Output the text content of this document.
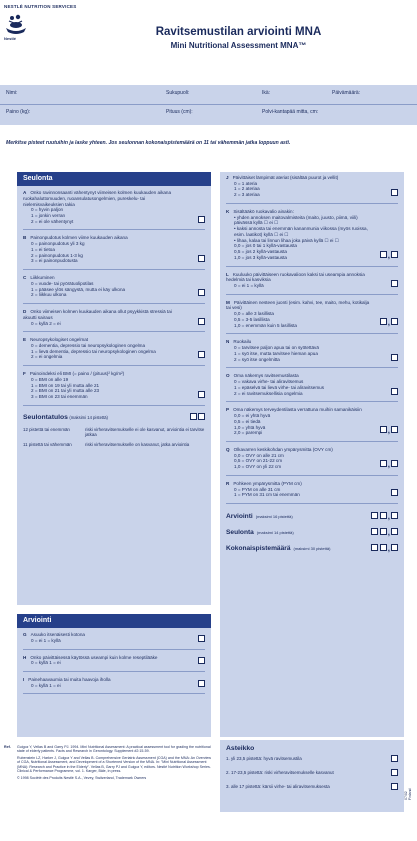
NESTLÉ NUTRITION SERVICES
Nestlé
Ravitsemustilan arviointi MNA
Mini Nutritional Assessment MNA™
Nimi:	Sukupuoli:	Ikä:	Päivämäärä:
Paino (kg):	Pituus (cm):	Polvi-kantapää mitta, cm:
Merkitse pisteet ruutuihin ja laske yhteen. Jos seulonnan kokonaispistemäärä on 11 tai vähemmän jatka loppuun asti.
Seulonta
A Onko ravinnonsaanti vähentynyt viimeisen kolmen kuukauden aikana ruokahaluttomuuden, ruoansulatusongelmien, pureskelu- tai nielemisvaikeuksien takia
0 = hyvin paljon
1 = jonkin verran
2 = ei ole vähentynyt
B Painonpudotus kolmen viime kuukauden aikana
0 = painonpudotus yli 3 kg
1 = ei tietoa
2 = painonpudotus 1-3 kg
3 = ei painonpudotusta
C Liikkuminen
0 = vuode- tai pyörätuolipotilas
1 = pääsee ylös sängystä, mutta ei käy ulkona
2 = liikkuu ulkona
D Onko viimeisen kolmen kuukauden aikana ollut psyykkistä stressiä tai akuutti sairaus
0 = kyllä 2 = ei
E Neuropsykologiset ongelmat
0 = dementia, depressio tai neuropsykologinen ongelma
1 = lievä dementia, depressio tai neuropsykologinen ongelma
2 = ei ongelmia
F Painoindeksi eli BMI (= paino / (pituus)² kg/m²)
0 = BMI on alle 19
1 = BMI on 19 tai yli mutta alle 21
2 = BMI on 21 tai yli mutta alle 23
3 = BMI on 23 tai enemmän
Seulontatulos (maksimi 14 pistettä)

12 pistettä tai enemmän	riski virheravitsemukselle ei ole kasvanut, arviointia ei tarvitse jatkaa
11 pistettä tai vähemmän	riski virheravitsemukselle on kasvanut, jatka arviointia
Arviointi
G Asuuko itsenäisesti kotona
0 = ei 1 = kyllä
H Onko päivittäisessä käytössä useampi kuin kolme reseptilääke
0 = kyllä 1 = ei
I Painehaavaumia tai muita haavoja iholla
0 = kyllä 1 = ei
Ref. Guigoz Y, Vellas B and Garry PJ. 1994. Mini Nutritional Assessment: A practical assessment tool for grading the nutritional state of elderly patients. Facts and Research in Gerontology. Supplement #2:15-59.
Rubenstein LZ, Harker J, Guigoz Y and Vellas B. Comprehensive Geriatric Assessment (CGA) and the MNA: An Overview of CGA, Nutritional Assessment, and Development of a Shortened Version of the MNA. In: "Mini Nutritional Assessment (MNA): Research and Practice in the Elderly". Vellas B, Garry PJ and Guigoz Y, editors. Nestlé Nutrition Workshop Series. Clinical & Performance Programme, vol. 1. Karger, Bâle, in press.
© 1998 Société des Produits Nestlé S.A., Vevey, Switzerland, Trademark Owners
J Päivittäiset lämpimät ateriat (sisältää puurot ja vellit)
0 = 1 ateria
1 = 2 ateriaa
2 = 3 ateriaa
K Sisältääkö ruokavalio ainakin:
• yhden annoksen maitovalmisteita (maito, juusto, piimä, viili) päivässä kyllä ☐ ei ☐
• kaksi annosta tai enemmän kananmunia viikossa (myös ruoissa, esim. laatikot) kyllä ☐ ei ☐
• lihaa, kalaa tai linnun lihaa joka päivä kyllä ☐ ei ☐
0,0 = jos 0 tai 1 kyllä-vastausta
0,5 = jos 2 kyllä-vastausta
1,0 = jos 3 kyllä-vastausta	,
L Kuuluuko päivittäiseen ruokavalioon kaksi tai useampia annoksia hedelmiä tai kasviksia
0 = ei 1 = kyllä
M Päivittäinen nesteen juonti (esim. kahvi, tee, maito, mehu, kotikalja tai vesi)
0,0 = alle 3 lasillista
0,5 = 3-5 lasillista
1,0 = enemmän kuin 5 lasillista	,
N Ruokailu
0 = tarvitsee paljon apua tai on syötettävä
1 = syö itse, mutta tarvitsee hieman apua
2 = syö itse ongelmitta
O Oma näkemys ravitsemustilasta
0 = vakava virhe- tai aliravitsemus
1 = epäselvä tai lievä virhe- tai aliravitsemus
2 = ei ravitsemuksellisia ongelmia
P Oma näkemys terveydentilasta verrattuna muihin samanikäisiin
0,0 = ei yhtä hyvä
0,5 = ei tiedä
1,0 = yhtä hyvä
2,0 = parempi	,
Q Olkavarren keskikohdan ympärysmitta (OVY cm)
0,0 = OVY on alle 21 cm
0,5 = OVY on 21-22 cm
1,0 = OVY on yli 22 cm	,
R Pohkeen ympärysmitta (PYM cm)
0 = PYM on alle 31 cm
1 = PYM on 31 cm tai enemmän
Arviointi (maksimi 16 pistettä)	,
Seulonta (maksimi 14 pistettä)	,
Kokonaispistemäärä (maksimi 30 pistettä)	,
Asteikko
1. yli 23,5 pistettä: hyvä ravitsemustila
2. 17-23,5 pistettä: riski virheravitsemukselle kasvanut
3. alle 17 pistettä: kärsii virhe- tai aliravitsemuksesta
07/02 Finland
